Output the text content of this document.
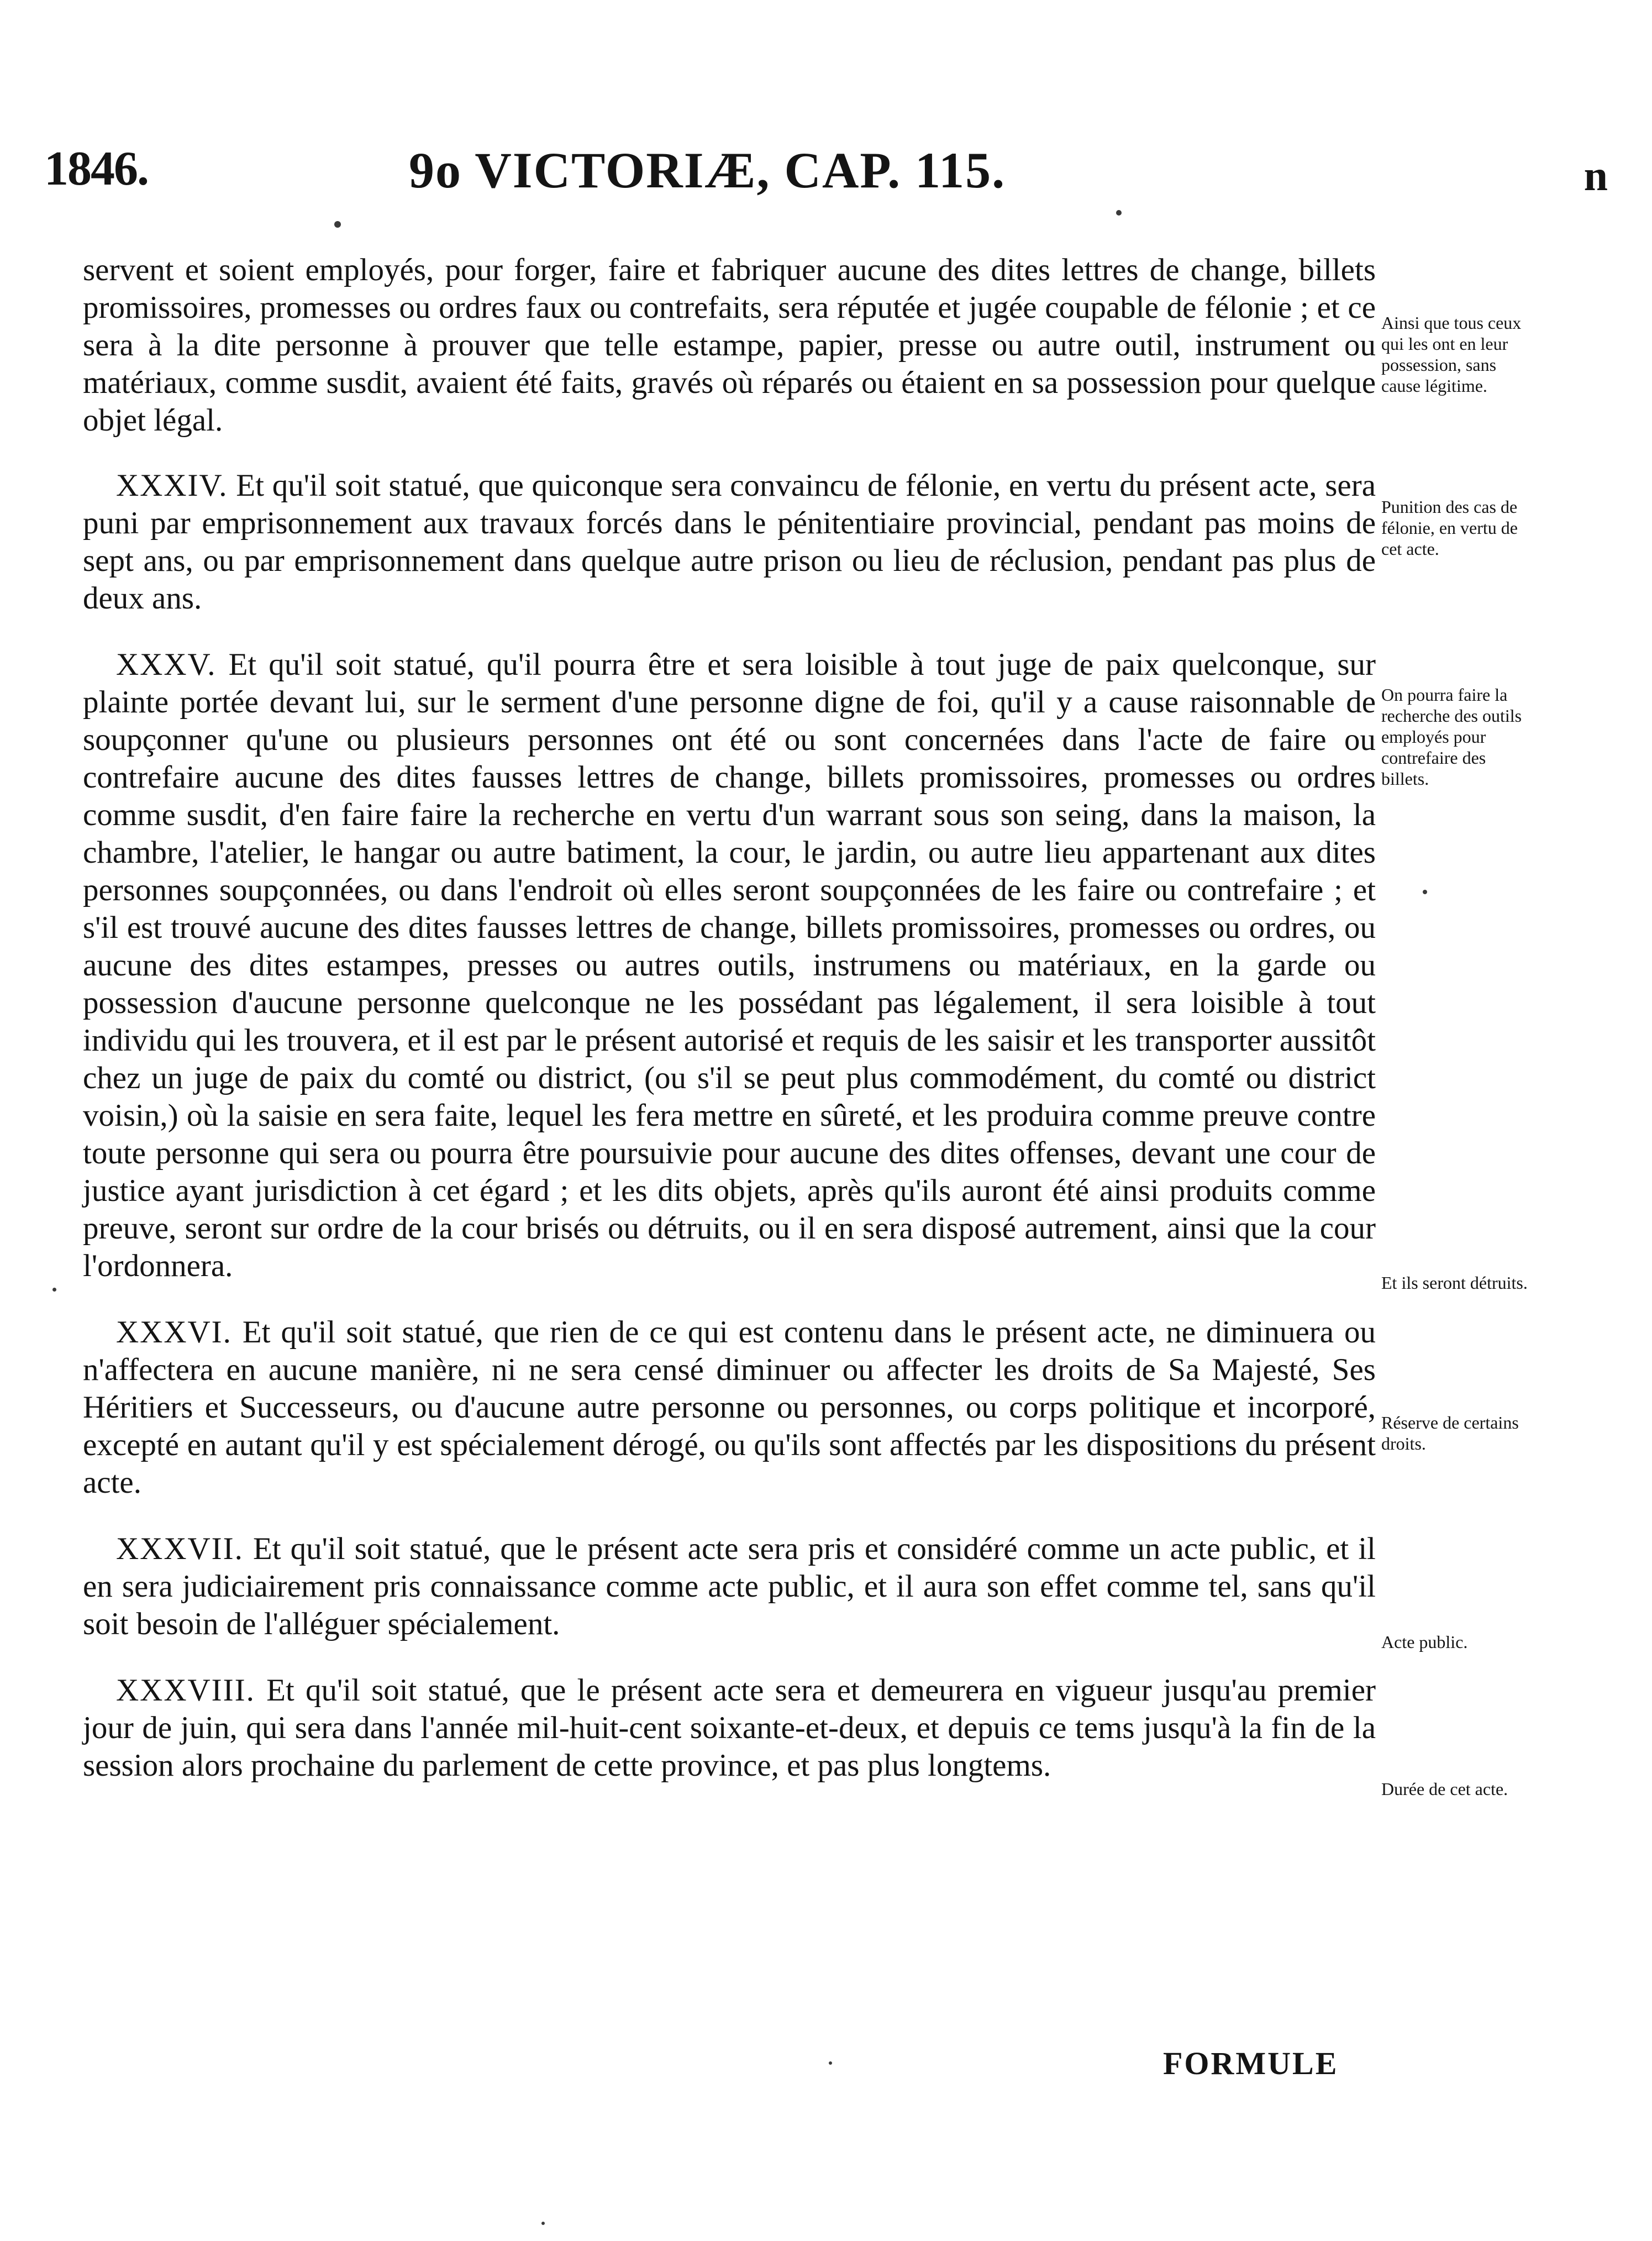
1846.	9o VICTORIÆ, CAP. 115.	n

servent et soient employés, pour forger, faire et fabriquer aucune des dites lettres de change, billets promissoires, promesses ou ordres faux ou contrefaits, sera réputée et jugée coupable de félonie ; et ce sera à la dite personne à prouver que telle estampe, papier, presse ou autre outil, instrument ou matériaux, comme susdit, avaient été faits, gravés où réparés ou étaient en sa possession pour quelque objet légal.

XXXIV. Et qu'il soit statué, que quiconque sera convaincu de félonie, en vertu du présent acte, sera puni par emprisonnement aux travaux forcés dans le pénitentiaire provincial, pendant pas moins de sept ans, ou par emprisonnement dans quelque autre prison ou lieu de réclusion, pendant pas plus de deux ans.

XXXV. Et qu'il soit statué, qu'il pourra être et sera loisible à tout juge de paix quelconque, sur plainte portée devant lui, sur le serment d'une personne digne de foi, qu'il y a cause raisonnable de soupçonner qu'une ou plusieurs personnes ont été ou sont concernées dans l'acte de faire ou contrefaire aucune des dites fausses lettres de change, billets promissoires, promesses ou ordres comme susdit, d'en faire faire la recherche en vertu d'un warrant sous son seing, dans la maison, la chambre, l'atelier, le hangar ou autre batiment, la cour, le jardin, ou autre lieu appartenant aux dites personnes soupçonnées, ou dans l'endroit où elles seront soupçonnées de les faire ou contrefaire ; et s'il est trouvé aucune des dites fausses lettres de change, billets promissoires, promesses ou ordres, ou aucune des dites estampes, presses ou autres outils, instrumens ou matériaux, en la garde ou possession d'aucune personne quelconque ne les possédant pas légalement, il sera loisible à tout individu qui les trouvera, et il est par le présent autorisé et requis de les saisir et les transporter aussitôt chez un juge de paix du comté ou district, (ou s'il se peut plus commodément, du comté ou district voisin,) où la saisie en sera faite, lequel les fera mettre en sûreté, et les produira comme preuve contre toute personne qui sera ou pourra être poursuivie pour aucune des dites offenses, devant une cour de justice ayant jurisdiction à cet égard ; et les dits objets, après qu'ils auront été ainsi produits comme preuve, seront sur ordre de la cour brisés ou détruits, ou il en sera disposé autrement, ainsi que la cour l'ordonnera.

XXXVI. Et qu'il soit statué, que rien de ce qui est contenu dans le présent acte, ne diminuera ou n'affectera en aucune manière, ni ne sera censé diminuer ou affecter les droits de Sa Majesté, Ses Héritiers et Successeurs, ou d'aucune autre personne ou personnes, ou corps politique et incorporé, excepté en autant qu'il y est spécialement dérogé, ou qu'ils sont affectés par les dispositions du présent acte.

XXXVII. Et qu'il soit statué, que le présent acte sera pris et considéré comme un acte public, et il en sera judiciairement pris connaissance comme acte public, et il aura son effet comme tel, sans qu'il soit besoin de l'alléguer spécialement.

XXXVIII. Et qu'il soit statué, que le présent acte sera et demeurera en vigueur jusqu'au premier jour de juin, qui sera dans l'année mil-huit-cent soixante-et-deux, et depuis ce tems jusqu'à la fin de la session alors prochaine du parlement de cette province, et pas plus longtems.

Ainsi que tous ceux qui les ont en leur possession, sans cause légitime.
Punition des cas de félonie, en vertu de cet acte.
On pourra faire la recherche des outils employés pour contrefaire des billets.
Et ils seront détruits.
Réserve de certains droits.
Acte public.
Durée de cet acte.
FORMULE
